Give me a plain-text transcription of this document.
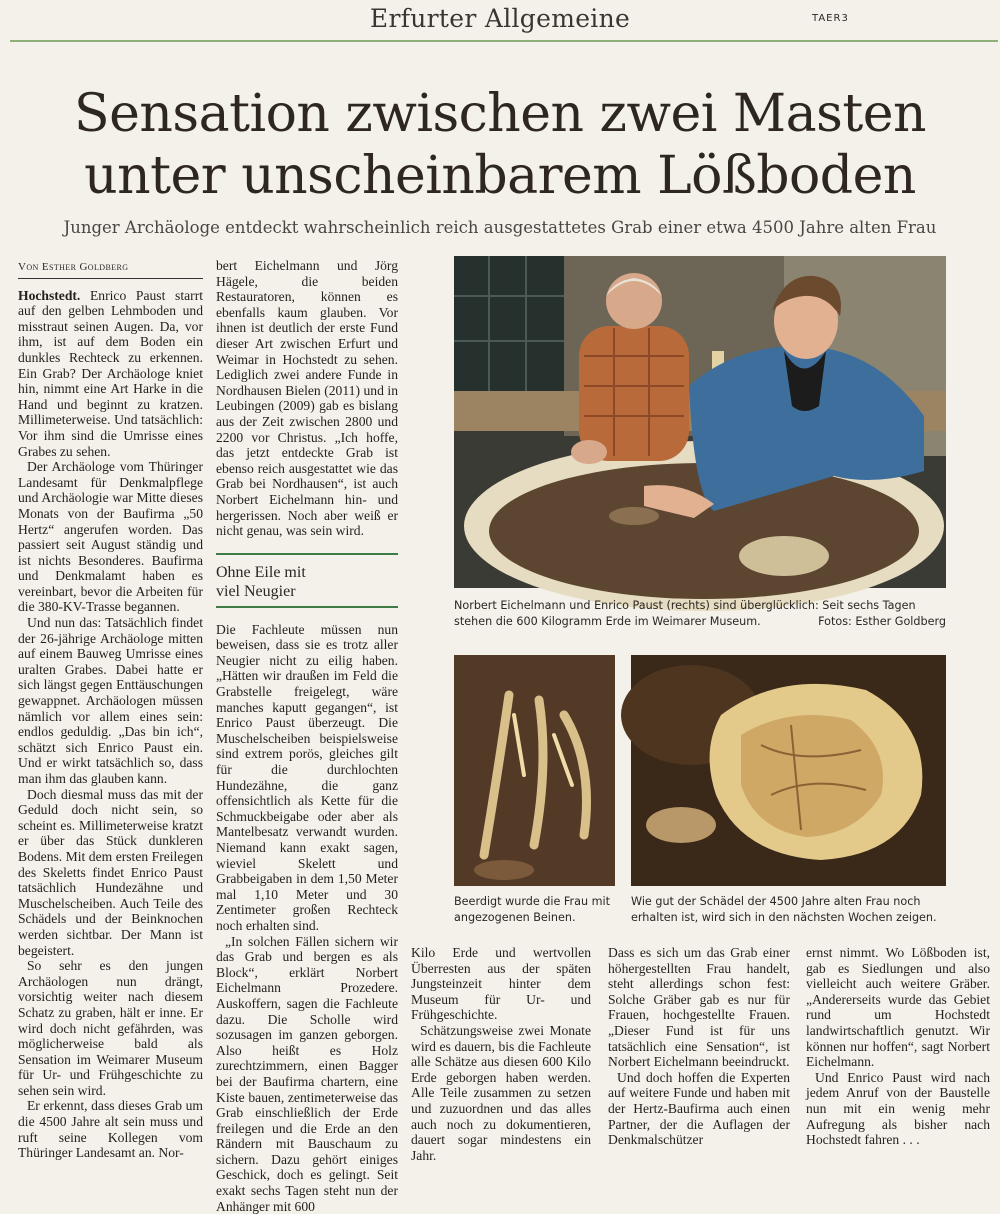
Erfurter Allgemeine	TAER3
Sensation zwischen zwei Masten
unter unscheinbarem Lößboden
Junger Archäologe entdeckt wahrscheinlich reich ausgestattetes Grab einer etwa 4500 Jahre alten Frau
Von Esther Goldberg

Hochstedt. Enrico Paust starrt auf den gelben Lehmboden und misstraut seinen Augen. Da, vor ihm, ist auf dem Boden ein dunkles Rechteck zu erkennen. Ein Grab? Der Archäologe kniet hin, nimmt eine Art Harke in die Hand und beginnt zu kratzen. Millimeterweise. Und tatsächlich: Vor ihm sind die Umrisse eines Grabes zu sehen.

Der Archäologe vom Thüringer Landesamt für Denkmalpflege und Archäologie war Mitte dieses Monats von der Baufirma „50 Hertz“ angerufen worden. Das passiert seit August ständig und ist nichts Besonderes. Baufirma und Denkmalamt haben es vereinbart, bevor die Arbeiten für die 380-KV-Trasse begannen.

Und nun das: Tatsächlich findet der 26-jährige Archäologe mitten auf einem Bauweg Umrisse eines uralten Grabes. Dabei hatte er sich längst gegen Enttäuschungen gewappnet. Archäologen müssen nämlich vor allem eines sein: endlos geduldig. „Das bin ich“, schätzt sich Enrico Paust ein. Und er wirkt tatsächlich so, dass man ihm das glauben kann.

Doch diesmal muss das mit der Geduld doch nicht sein, so scheint es. Millimeterweise kratzt er über das Stück dunkleren Bodens. Mit dem ersten Freilegen des Skeletts findet Enrico Paust tatsächlich Hundezähne und Muschelscheiben. Auch Teile des Schädels und der Beinknochen werden sichtbar. Der Mann ist begeistert.

So sehr es den jungen Archäologen nun drängt, vorsichtig weiter nach diesem Schatz zu graben, hält er inne. Er wird doch nicht gefährden, was möglicherweise bald als Sensation im Weimarer Museum für Ur- und Frühgeschichte zu sehen sein wird.

Er erkennt, dass dieses Grab um die 4500 Jahre alt sein muss und ruft seine Kollegen vom Thüringer Landesamt an. Nor-

bert Eichelmann und Jörg Hägele, die beiden Restauratoren, können es ebenfalls kaum glauben. Vor ihnen ist deutlich der erste Fund dieser Art zwischen Erfurt und Weimar in Hochstedt zu sehen. Lediglich zwei andere Funde in Nordhausen Bielen (2011) und in Leubingen (2009) gab es bislang aus der Zeit zwischen 2800 und 2200 vor Christus. „Ich hoffe, das jetzt entdeckte Grab ist ebenso reich ausgestattet wie das Grab bei Nordhausen“, ist auch Norbert Eichelmann hin- und hergerissen. Noch aber weiß er nicht genau, was sein wird.

Ohne Eile mit
viel Neugier

Die Fachleute müssen nun beweisen, dass sie es trotz aller Neugier nicht zu eilig haben. „Hätten wir draußen im Feld die Grabstelle freigelegt, wäre manches kaputt gegangen“, ist Enrico Paust überzeugt. Die Muschelscheiben beispielsweise sind extrem porös, gleiches gilt für die durchlochten Hundezähne, die ganz offensichtlich als Kette für die Schmuckbeigabe oder aber als Mantelbesatz verwandt wurden. Niemand kann exakt sagen, wieviel Skelett und Grabbeigaben in dem 1,50 Meter mal 1,10 Meter und 30 Zentimeter großen Rechteck noch erhalten sind.

„In solchen Fällen sichern wir das Grab und bergen es als Block“, erklärt Norbert Eichelmann Prozedere. Auskoffern, sagen die Fachleute dazu. Die Scholle wird sozusagen im ganzen geborgen. Also heißt es Holz zurechtzimmern, einen Bagger bei der Baufirma chartern, eine Kiste bauen, zentimeterweise das Grab einschließlich der Erde freilegen und die Erde an den Rändern mit Bauschaum zu sichern. Dazu gehört einiges Geschick, doch es gelingt. Seit exakt sechs Tagen steht nun der Anhänger mit 600

Norbert Eichelmann und Enrico Paust (rechts) sind überglücklich: Seit sechs Tagen stehen die 600 Kilogramm Erde im Weimarer Museum.	Fotos: Esther Goldberg
Beerdigt wurde die Frau mit angezogenen Beinen.
Wie gut der Schädel der 4500 Jahre alten Frau noch erhalten ist, wird sich in den nächsten Wochen zeigen.

Kilo Erde und wertvollen Überresten aus der späten Jungsteinzeit hinter dem Museum für Ur- und Frühgeschichte.

Schätzungsweise zwei Monate wird es dauern, bis die Fachleute alle Schätze aus diesen 600 Kilo Erde geborgen haben werden. Alle Teile zusammen zu setzen und zuzuordnen und das alles auch noch zu dokumentieren, dauert sogar mindestens ein Jahr.

Dass es sich um das Grab einer höhergestellten Frau handelt, steht allerdings schon fest: Solche Gräber gab es nur für Frauen, hochgestellte Frauen. „Dieser Fund ist für uns tatsächlich eine Sensation“, ist Norbert Eichelmann beeindruckt.

Und doch hoffen die Experten auf weitere Funde und haben mit der Hertz-Baufirma auch einen Partner, der die Auflagen der Denkmalschützer

ernst nimmt. Wo Lößboden ist, gab es Siedlungen und also vielleicht auch weitere Gräber. „Andererseits wurde das Gebiet rund um Hochstedt landwirtschaftlich genutzt. Wir können nur hoffen“, sagt Norbert Eichelmann.

Und Enrico Paust wird nach jedem Anruf von der Baustelle nun mit ein wenig mehr Aufregung als bisher nach Hochstedt fahren . . .
